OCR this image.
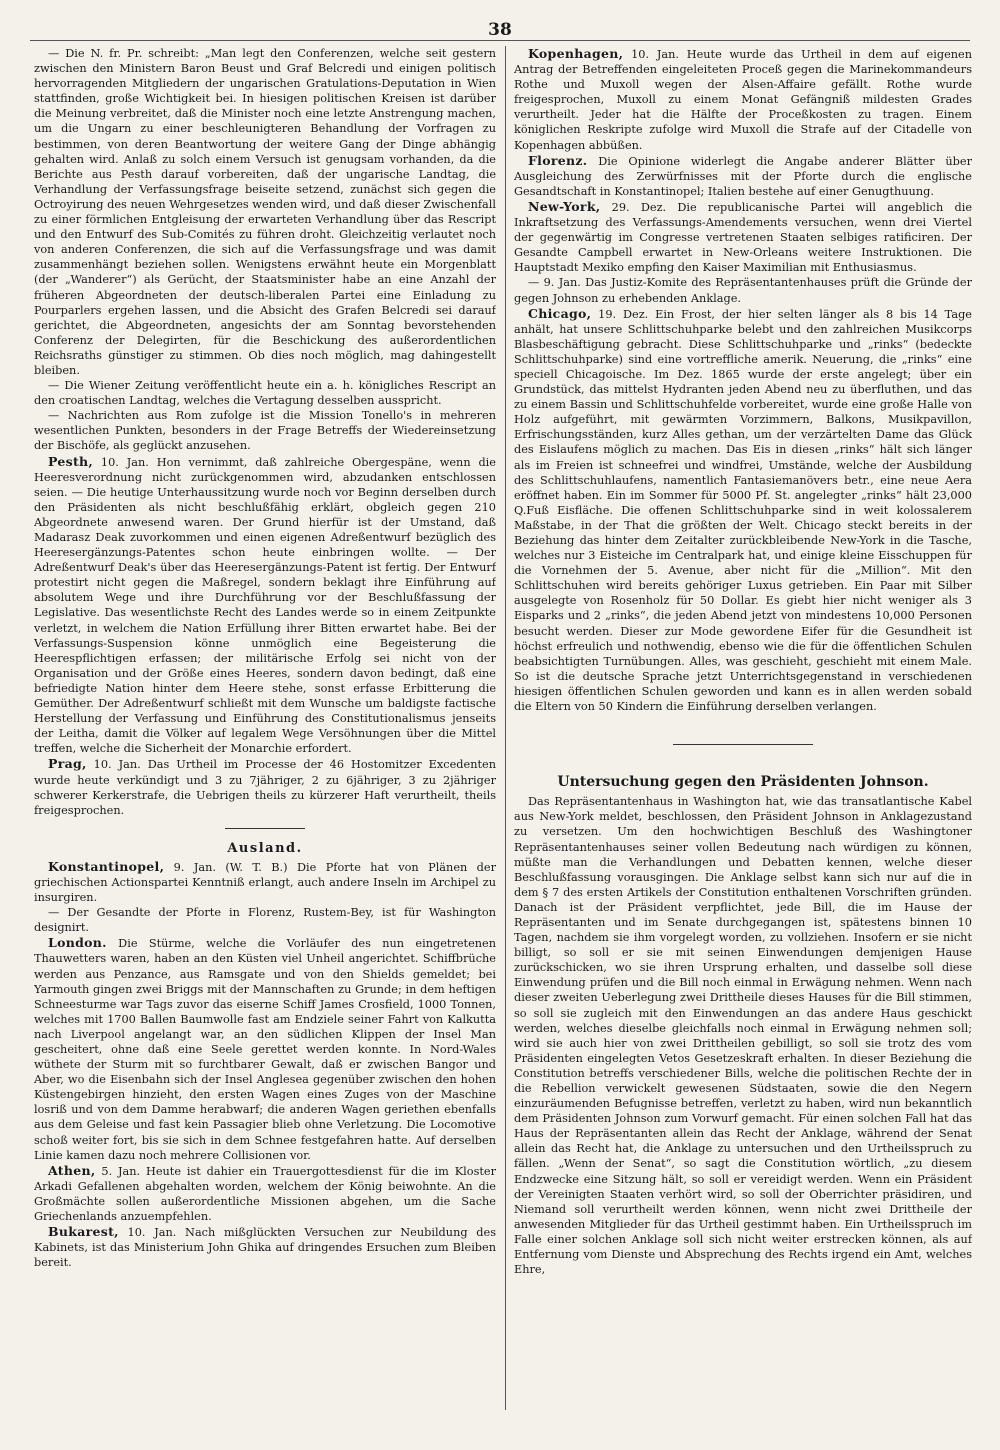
38

— Die N. fr. Pr. schreibt: „Man legt den Conferenzen, welche seit gestern zwischen den Ministern Baron Beust und Graf Belcredi und einigen politisch hervorragenden Mitgliedern der ungarischen Gratulations-Deputation in Wien stattfinden, große Wichtigkeit bei. In hiesigen politischen Kreisen ist darüber die Meinung verbreitet, daß die Minister noch eine letzte Anstrengung machen, um die Ungarn zu einer beschleunigteren Behandlung der Vorfragen zu bestimmen, von deren Beantwortung der weitere Gang der Dinge abhängig gehalten wird. Anlaß zu solch einem Versuch ist genugsam vorhanden, da die Berichte aus Pesth darauf vorbereiten, daß der ungarische Landtag, die Verhandlung der Verfassungsfrage beiseite setzend, zunächst sich gegen die Octroyirung des neuen Wehrgesetzes wenden wird, und daß dieser Zwischenfall zu einer förmlichen Entgleisung der erwarteten Verhandlung über das Rescript und den Entwurf des Sub-Comités zu führen droht. Gleichzeitig verlautet noch von anderen Conferenzen, die sich auf die Verfassungsfrage und was damit zusammenhängt beziehen sollen. Wenigstens erwähnt heute ein Morgenblatt (der „Wanderer“) als Gerücht, der Staatsminister habe an eine Anzahl der früheren Abgeordneten der deutsch-liberalen Partei eine Einladung zu Pourparlers ergehen lassen, und die Absicht des Grafen Belcredi sei darauf gerichtet, die Abgeordneten, angesichts der am Sonntag bevorstehenden Conferenz der Delegirten, für die Beschickung des außerordentlichen Reichsraths günstiger zu stimmen. Ob dies noch möglich, mag dahingestellt bleiben.

— Die Wiener Zeitung veröffentlicht heute ein a. h. königliches Rescript an den croatischen Landtag, welches die Vertagung desselben ausspricht.

— Nachrichten aus Rom zufolge ist die Mission Tonello's in mehreren wesentlichen Punkten, besonders in der Frage Betreffs der Wiedereinsetzung der Bischöfe, als geglückt anzusehen.

Pesth, 10. Jan. Hon vernimmt, daß zahlreiche Obergespäne, wenn die Heeresverordnung nicht zurückgenommen wird, abzudanken entschlossen seien. — Die heutige Unterhaussitzung wurde noch vor Beginn derselben durch den Präsidenten als nicht beschlußfähig erklärt, obgleich gegen 210 Abgeordnete anwesend waren. Der Grund hierfür ist der Umstand, daß Madarasz Deak zuvorkommen und einen eigenen Adreßentwurf bezüglich des Heeresergänzungs-Patentes schon heute einbringen wollte. — Der Adreßentwurf Deak's über das Heeresergänzungs-Patent ist fertig. Der Entwurf protestirt nicht gegen die Maßregel, sondern beklagt ihre Einführung auf absolutem Wege und ihre Durchführung vor der Beschlußfassung der Legislative. Das wesentlichste Recht des Landes werde so in einem Zeitpunkte verletzt, in welchem die Nation Erfüllung ihrer Bitten erwartet habe. Bei der Verfassungs-Suspension könne unmöglich eine Begeisterung die Heerespflichtigen erfassen; der militärische Erfolg sei nicht von der Organisation und der Größe eines Heeres, sondern davon bedingt, daß eine befriedigte Nation hinter dem Heere stehe, sonst erfasse Erbitterung die Gemüther. Der Adreßentwurf schließt mit dem Wunsche um baldigste factische Herstellung der Verfassung und Einführung des Constitutionalismus jenseits der Leitha, damit die Völker auf legalem Wege Versöhnungen über die Mittel treffen, welche die Sicherheit der Monarchie erfordert.

Prag, 10. Jan. Das Urtheil im Processe der 46 Hostomitzer Excedenten wurde heute verkündigt und 3 zu 7jähriger, 2 zu 6jähriger, 3 zu 2jähriger schwerer Kerkerstrafe, die Uebrigen theils zu kürzerer Haft verurtheilt, theils freigesprochen.

Ausland.

Konstantinopel, 9. Jan. (W. T. B.) Die Pforte hat von Plänen der griechischen Actionspartei Kenntniß erlangt, auch andere Inseln im Archipel zu insurgiren.

— Der Gesandte der Pforte in Florenz, Rustem-Bey, ist für Washington designirt.

London. Die Stürme, welche die Vorläufer des nun eingetretenen Thauwetters waren, haben an den Küsten viel Unheil angerichtet. Schiffbrüche werden aus Penzance, aus Ramsgate und von den Shields gemeldet; bei Yarmouth gingen zwei Briggs mit der Mannschaften zu Grunde; in dem heftigen Schneesturme war Tags zuvor das eiserne Schiff James Crosfield, 1000 Tonnen, welches mit 1700 Ballen Baumwolle fast am Endziele seiner Fahrt von Kalkutta nach Liverpool angelangt war, an den südlichen Klippen der Insel Man gescheitert, ohne daß eine Seele gerettet werden konnte. In Nord-Wales wüthete der Sturm mit so furchtbarer Gewalt, daß er zwischen Bangor und Aber, wo die Eisenbahn sich der Insel Anglesea gegenüber zwischen den hohen Küstengebirgen hinzieht, den ersten Wagen eines Zuges von der Maschine losriß und von dem Damme herabwarf; die anderen Wagen geriethen ebenfalls aus dem Geleise und fast kein Passagier blieb ohne Verletzung. Die Locomotive schoß weiter fort, bis sie sich in dem Schnee festgefahren hatte. Auf derselben Linie kamen dazu noch mehrere Collisionen vor.

Athen, 5. Jan. Heute ist dahier ein Trauergottesdienst für die im Kloster Arkadi Gefallenen abgehalten worden, welchem der König beiwohnte. An die Großmächte sollen außerordentliche Missionen abgehen, um die Sache Griechenlands anzuempfehlen.

Bukarest, 10. Jan. Nach mißglückten Versuchen zur Neubildung des Kabinets, ist das Ministerium John Ghika auf dringendes Ersuchen zum Bleiben bereit.

Kopenhagen, 10. Jan. Heute wurde das Urtheil in dem auf eigenen Antrag der Betreffenden eingeleiteten Proceß gegen die Marinekommandeurs Rothe und Muxoll wegen der Alsen-Affaire gefällt. Rothe wurde freigesprochen, Muxoll zu einem Monat Gefängniß mildesten Grades verurtheilt. Jeder hat die Hälfte der Proceßkosten zu tragen. Einem königlichen Reskripte zufolge wird Muxoll die Strafe auf der Citadelle von Kopenhagen abbüßen.

Florenz. Die Opinione widerlegt die Angabe anderer Blätter über Ausgleichung des Zerwürfnisses mit der Pforte durch die englische Gesandtschaft in Konstantinopel; Italien bestehe auf einer Genugthuung.

New-York, 29. Dez. Die republicanische Partei will angeblich die Inkraftsetzung des Verfassungs-Amendements versuchen, wenn drei Viertel der gegenwärtig im Congresse vertretenen Staaten selbiges ratificiren. Der Gesandte Campbell erwartet in New-Orleans weitere Instruktionen. Die Hauptstadt Mexiko empfing den Kaiser Maximilian mit Enthusiasmus.

— 9. Jan. Das Justiz-Komite des Repräsentantenhauses prüft die Gründe der gegen Johnson zu erhebenden Anklage.

Chicago, 19. Dez. Ein Frost, der hier selten länger als 8 bis 14 Tage anhält, hat unsere Schlittschuhparke belebt und den zahlreichen Musikcorps Blasbeschäftigung gebracht. Diese Schlittschuhparke und „rinks“ (bedeckte Schlittschuhparke) sind eine vortreffliche amerik. Neuerung, die „rinks“ eine speciell Chicagoische. Im Dez. 1865 wurde der erste angelegt; über ein Grundstück, das mittelst Hydranten jeden Abend neu zu überfluthen, und das zu einem Bassin und Schlittschuhfelde vorbereitet, wurde eine große Halle von Holz aufgeführt, mit gewärmten Vorzimmern, Balkons, Musikpavillon, Erfrischungsständen, kurz Alles gethan, um der verzärtelten Dame das Glück des Eislaufens möglich zu machen. Das Eis in diesen „rinks“ hält sich länger als im Freien ist schneefrei und windfrei, Umstände, welche der Ausbildung des Schlittschuhlaufens, namentlich Fantasiemanövers betr., eine neue Aera eröffnet haben. Ein im Sommer für 5000 Pf. St. angelegter „rinks“ hält 23,000 Q.Fuß Eisfläche. Die offenen Schlittschuhparke sind in weit kolossalerem Maßstabe, in der That die größten der Welt. Chicago steckt bereits in der Beziehung das hinter dem Zeitalter zurückbleibende New-York in die Tasche, welches nur 3 Eisteiche im Centralpark hat, und einige kleine Eisschuppen für die Vornehmen der 5. Avenue, aber nicht für die „Million“. Mit den Schlittschuhen wird bereits gehöriger Luxus getrieben. Ein Paar mit Silber ausgelegte von Rosenholz für 50 Dollar. Es giebt hier nicht weniger als 3 Eisparks und 2 „rinks“, die jeden Abend jetzt von mindestens 10,000 Personen besucht werden. Dieser zur Mode gewordene Eifer für die Gesundheit ist höchst erfreulich und nothwendig, ebenso wie die für die öffentlichen Schulen beabsichtigten Turnübungen. Alles, was geschieht, geschieht mit einem Male. So ist die deutsche Sprache jetzt Unterrichtsgegenstand in verschiedenen hiesigen öffentlichen Schulen geworden und kann es in allen werden sobald die Eltern von 50 Kindern die Einführung derselben verlangen.

Untersuchung gegen den Präsidenten Johnson.

Das Repräsentantenhaus in Washington hat, wie das transatlantische Kabel aus New-York meldet, beschlossen, den Präsident Johnson in Anklagezustand zu versetzen. Um den hochwichtigen Beschluß des Washingtoner Repräsentantenhauses seiner vollen Bedeutung nach würdigen zu können, müßte man die Verhandlungen und Debatten kennen, welche dieser Beschlußfassung vorausgingen. Die Anklage selbst kann sich nur auf die in dem § 7 des ersten Artikels der Constitution enthaltenen Vorschriften gründen. Danach ist der Präsident verpflichtet, jede Bill, die im Hause der Repräsentanten und im Senate durchgegangen ist, spätestens binnen 10 Tagen, nachdem sie ihm vorgelegt worden, zu vollziehen. Insofern er sie nicht billigt, so soll er sie mit seinen Einwendungen demjenigen Hause zurückschicken, wo sie ihren Ursprung erhalten, und dasselbe soll diese Einwendung prüfen und die Bill noch einmal in Erwägung nehmen. Wenn nach dieser zweiten Ueberlegung zwei Drittheile dieses Hauses für die Bill stimmen, so soll sie zugleich mit den Einwendungen an das andere Haus geschickt werden, welches dieselbe gleichfalls noch einmal in Erwägung nehmen soll; wird sie auch hier von zwei Drittheilen gebilligt, so soll sie trotz des vom Präsidenten eingelegten Vetos Gesetzeskraft erhalten. In dieser Beziehung die Constitution betreffs verschiedener Bills, welche die politischen Rechte der in die Rebellion verwickelt gewesenen Südstaaten, sowie die den Negern einzuräumenden Befugnisse betreffen, verletzt zu haben, wird nun bekanntlich dem Präsidenten Johnson zum Vorwurf gemacht. Für einen solchen Fall hat das Haus der Repräsentanten allein das Recht der Anklage, während der Senat allein das Recht hat, die Anklage zu untersuchen und den Urtheilsspruch zu fällen. „Wenn der Senat“, so sagt die Constitution wörtlich, „zu diesem Endzwecke eine Sitzung hält, so soll er vereidigt werden. Wenn ein Präsident der Vereinigten Staaten verhört wird, so soll der Oberrichter präsidiren, und Niemand soll verurtheilt werden können, wenn nicht zwei Drittheile der anwesenden Mitglieder für das Urtheil gestimmt haben. Ein Urtheilsspruch im Falle einer solchen Anklage soll sich nicht weiter erstrecken können, als auf Entfernung vom Dienste und Absprechung des Rechts irgend ein Amt, welches Ehre,
